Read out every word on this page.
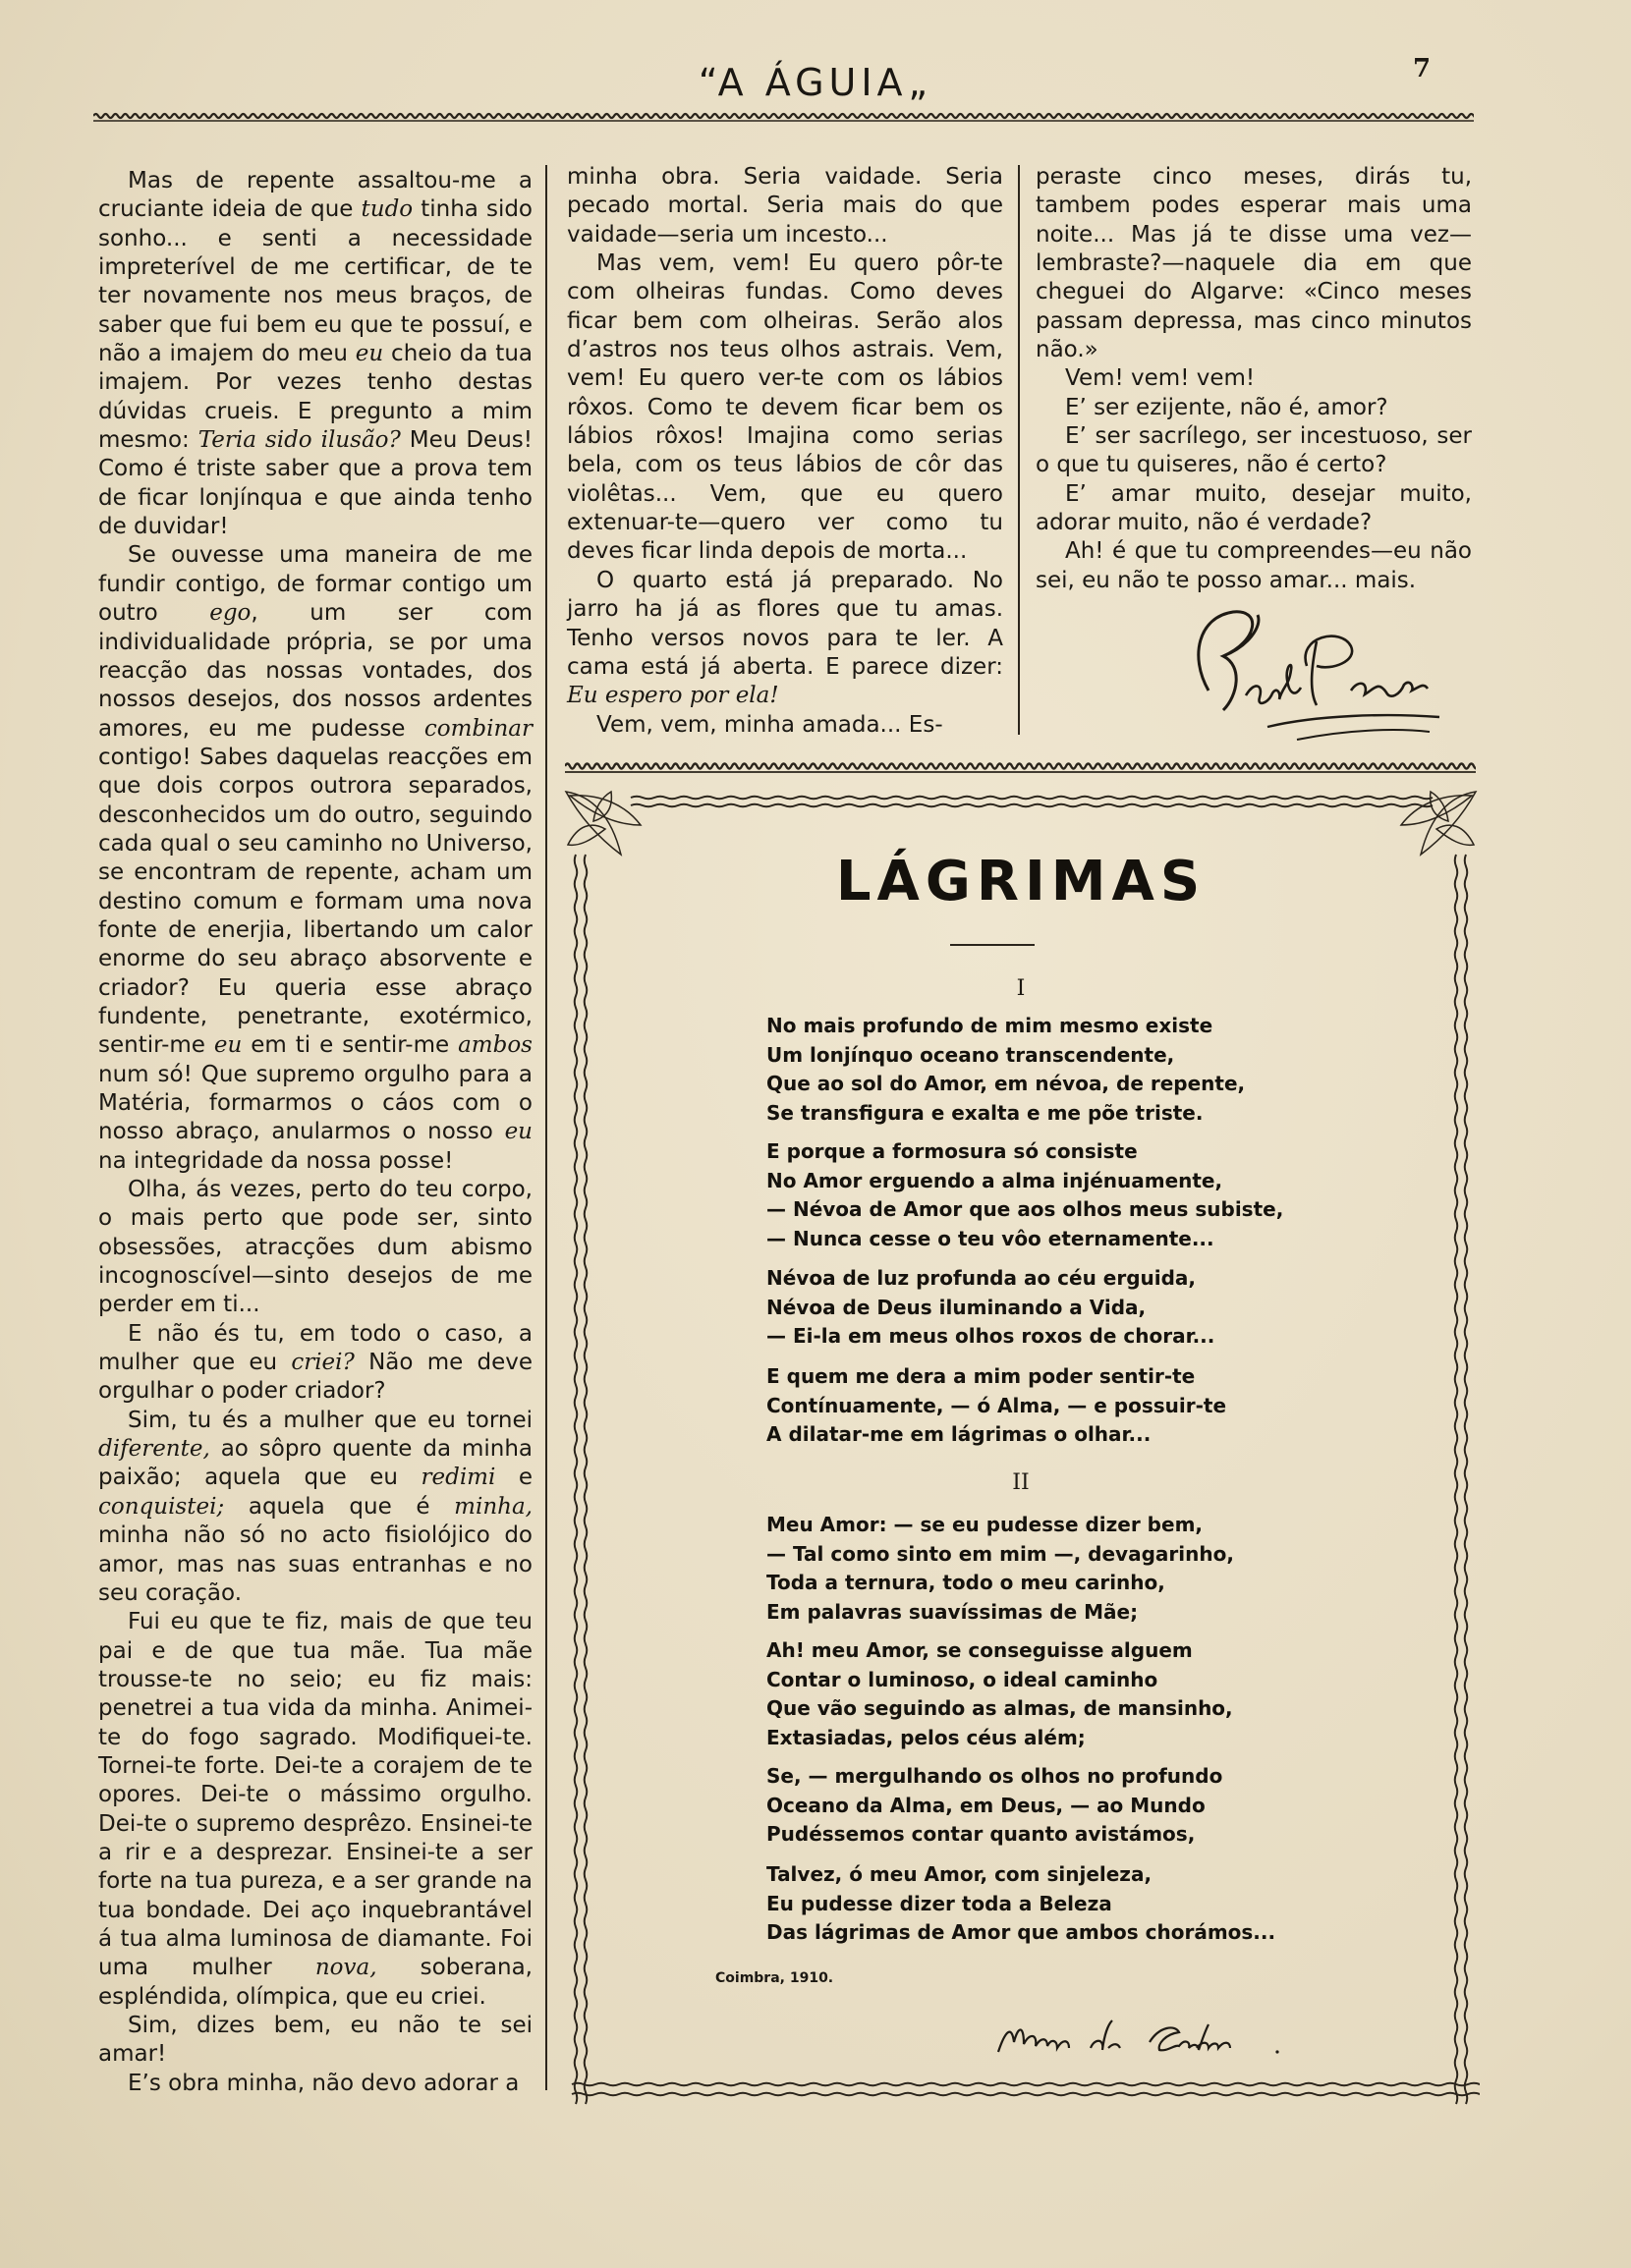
“A ÁGUIA„	7

Mas de repente assaltou-me a cruciante ideia de que tudo tinha sido sonho... e senti a necessidade impreterível de me certificar, de te ter novamente nos meus braços, de saber que fui bem eu que te possuí, e não a imajem do meu eu cheio da tua imajem. Por vezes tenho destas dúvidas crueis. E pregunto a mim mesmo: Teria sido ilusão? Meu Deus! Como é triste saber que a prova tem de ficar lonjínqua e que ainda tenho de duvidar!

Se ouvesse uma maneira de me fundir contigo, de formar contigo um outro ego, um ser com individualidade própria, se por uma reacção das nossas vontades, dos nossos desejos, dos nossos ardentes amores, eu me pudesse combinar contigo! Sabes daquelas reacções em que dois corpos outrora separados, desconhecidos um do outro, seguindo cada qual o seu caminho no Universo, se encontram de repente, acham um destino comum e formam uma nova fonte de enerjia, libertando um calor enorme do seu abraço absorvente e criador? Eu queria esse abraço fundente, penetrante, exotérmico, sentir-me eu em ti e sentir-me ambos num só! Que supremo orgulho para a Matéria, formarmos o cáos com o nosso abraço, anularmos o nosso eu na integridade da nossa posse!

Olha, ás vezes, perto do teu corpo, o mais perto que pode ser, sinto obsessões, atracções dum abismo incognoscível—sinto desejos de me perder em ti...

E não és tu, em todo o caso, a mulher que eu criei? Não me deve orgulhar o poder criador?

Sim, tu és a mulher que eu tornei diferente, ao sôpro quente da minha paixão; aquela que eu redimi e conquistei; aquela que é minha, minha não só no acto fisiolójico do amor, mas nas suas entranhas e no seu coração.

Fui eu que te fiz, mais de que teu pai e de que tua mãe. Tua mãe trousse-te no seio; eu fiz mais: penetrei a tua vida da minha. Animei-te do fogo sagrado. Modifiquei-te. Tornei-te forte. Dei-te a corajem de te opores. Dei-te o mássimo orgulho. Dei-te o supremo desprêzo. Ensinei-te a rir e a desprezar. Ensinei-te a ser forte na tua pureza, e a ser grande na tua bondade. Dei aço inquebrantável á tua alma luminosa de diamante. Foi uma mulher nova, soberana, espléndida, olímpica, que eu criei.

Sim, dizes bem, eu não te sei amar!

E’s obra minha, não devo adorar a

minha obra. Seria vaidade. Seria pecado mortal. Seria mais do que vaidade—seria um incesto...

Mas vem, vem! Eu quero pôr-te com olheiras fundas. Como deves ficar bem com olheiras. Serão alos d’astros nos teus olhos astrais. Vem, vem! Eu quero ver-te com os lábios rôxos. Como te devem ficar bem os lábios rôxos! Imajina como serias bela, com os teus lábios de côr das violêtas... Vem, que eu quero extenuar-te—quero ver como tu deves ficar linda depois de morta...

O quarto está já preparado. No jarro ha já as flores que tu amas. Tenho versos novos para te ler. A cama está já aberta. E parece dizer: Eu espero por ela!

Vem, vem, minha amada... Es-

peraste cinco meses, dirás tu, tambem podes esperar mais uma noite... Mas já te disse uma vez—lembraste?—naquele dia em que cheguei do Algarve: «Cinco meses passam depressa, mas cinco minutos não.»

Vem! vem! vem!

E’ ser ezijente, não é, amor?

E’ ser sacrílego, ser incestuoso, ser o que tu quiseres, não é certo?

E’ amar muito, desejar muito, adorar muito, não é verdade?

Ah! é que tu compreendes—eu não sei, eu não te posso amar... mais.

LÁGRIMAS
I
No mais profundo de mim mesmo existe
Um lonjínquo oceano transcendente,
Que ao sol do Amor, em névoa, de repente,
Se transfigura e exalta e me põe triste.
E porque a formosura só consiste
No Amor erguendo a alma injénuamente,
— Névoa de Amor que aos olhos meus subiste,
— Nunca cesse o teu vôo eternamente...
Névoa de luz profunda ao céu erguida,
Névoa de Deus iluminando a Vida,
— Ei-la em meus olhos roxos de chorar...
E quem me dera a mim poder sentir-te
Contínuamente, — ó Alma, — e possuir-te
A dilatar-me em lágrimas o olhar...
II
Meu Amor: — se eu pudesse dizer bem,
— Tal como sinto em mim —, devagarinho,
Toda a ternura, todo o meu carinho,
Em palavras suavíssimas de Mãe;
Ah! meu Amor, se conseguisse alguem
Contar o luminoso, o ideal caminho
Que vão seguindo as almas, de mansinho,
Extasiadas, pelos céus além;
Se, — mergulhando os olhos no profundo
Oceano da Alma, em Deus, — ao Mundo
Pudéssemos contar quanto avistámos,
Talvez, ó meu Amor, com sinjeleza,
Eu pudesse dizer toda a Beleza
Das lágrimas de Amor que ambos chorámos...
Coimbra, 1910.
